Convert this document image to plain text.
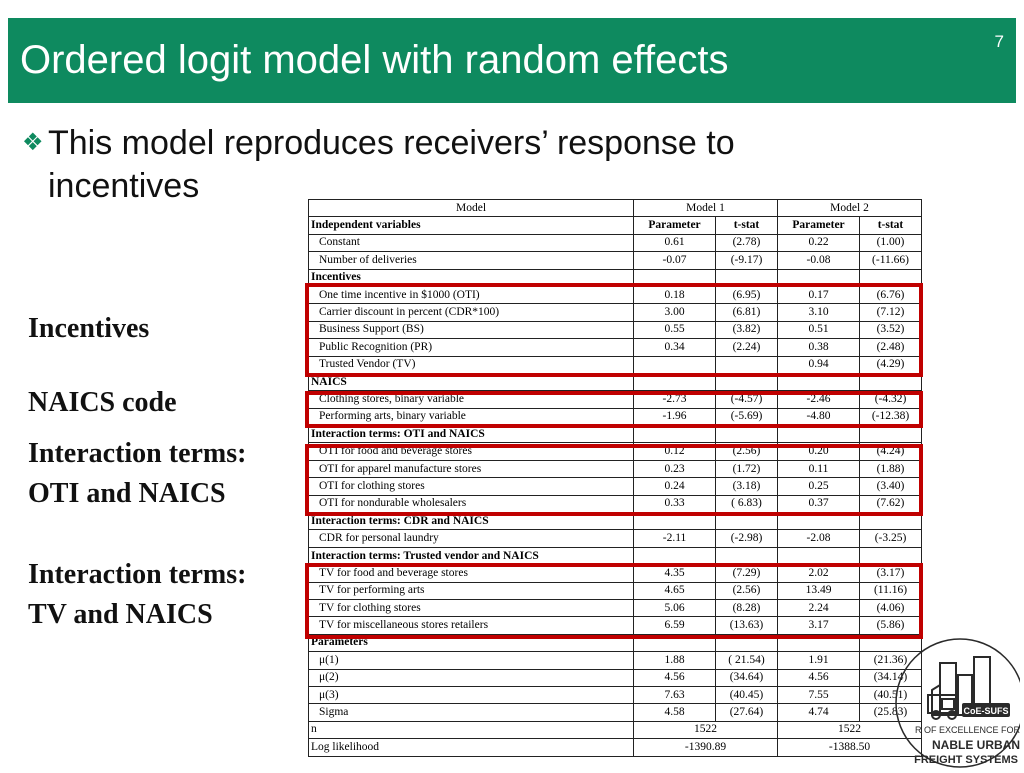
Ordered logit model with random effects	7
❖ This model reproduces receivers’ response to incentives
Incentives
NAICS code
Interaction terms:
OTI and NAICS
Interaction terms:
TV and NAICS
Model	Model 1		Model 2	
Independent variables	Parameter	t-stat	Parameter	t-stat
Constant	0.61	(2.78)	0.22	(1.00)
Number of deliveries	-0.07	(-9.17)	-0.08	(-11.66)
Incentives				
One time incentive in $1000 (OTI)	0.18	(6.95)	0.17	(6.76)
Carrier discount in percent (CDR*100)	3.00	(6.81)	3.10	(7.12)
Business Support (BS)	0.55	(3.82)	0.51	(3.52)
Public Recognition (PR)	0.34	(2.24)	0.38	(2.48)
Trusted Vendor (TV)			0.94	(4.29)
NAICS				
Clothing stores, binary variable	-2.73	(-4.57)	-2.46	(-4.32)
Performing arts, binary variable	-1.96	(-5.69)	-4.80	(-12.38)
Interaction terms: OTI and NAICS				
OTI for food and beverage stores	0.12	(2.56)	0.20	(4.24)
OTI for apparel manufacture stores	0.23	(1.72)	0.11	(1.88)
OTI for clothing stores	0.24	(3.18)	0.25	(3.40)
OTI for nondurable wholesalers	0.33	( 6.83)	0.37	(7.62)
Interaction terms: CDR and NAICS				
CDR for personal laundry	-2.11	(-2.98)	-2.08	(-3.25)
Interaction terms: Trusted vendor and NAICS				
TV for food and beverage stores	4.35	(7.29)	2.02	(3.17)
TV for performing arts	4.65	(2.56)	13.49	(11.16)
TV for clothing stores	5.06	(8.28)	2.24	(4.06)
TV for miscellaneous stores retailers	6.59	(13.63)	3.17	(5.86)
Parameters				
μ(1)	1.88	( 21.54)	1.91	(21.36)
μ(2)	4.56	(34.64)	4.56	(34.14)
μ(3)	7.63	(40.45)	7.55	(40.51)
Sigma	4.58	(27.64)	4.74	(25.83)
n	1522		1522	
Log likelihood	-1390.89		-1388.50	
CoE-SUFS
R OF EXCELLENCE FOR
NABLE URBAN
FREIGHT SYSTEMS
